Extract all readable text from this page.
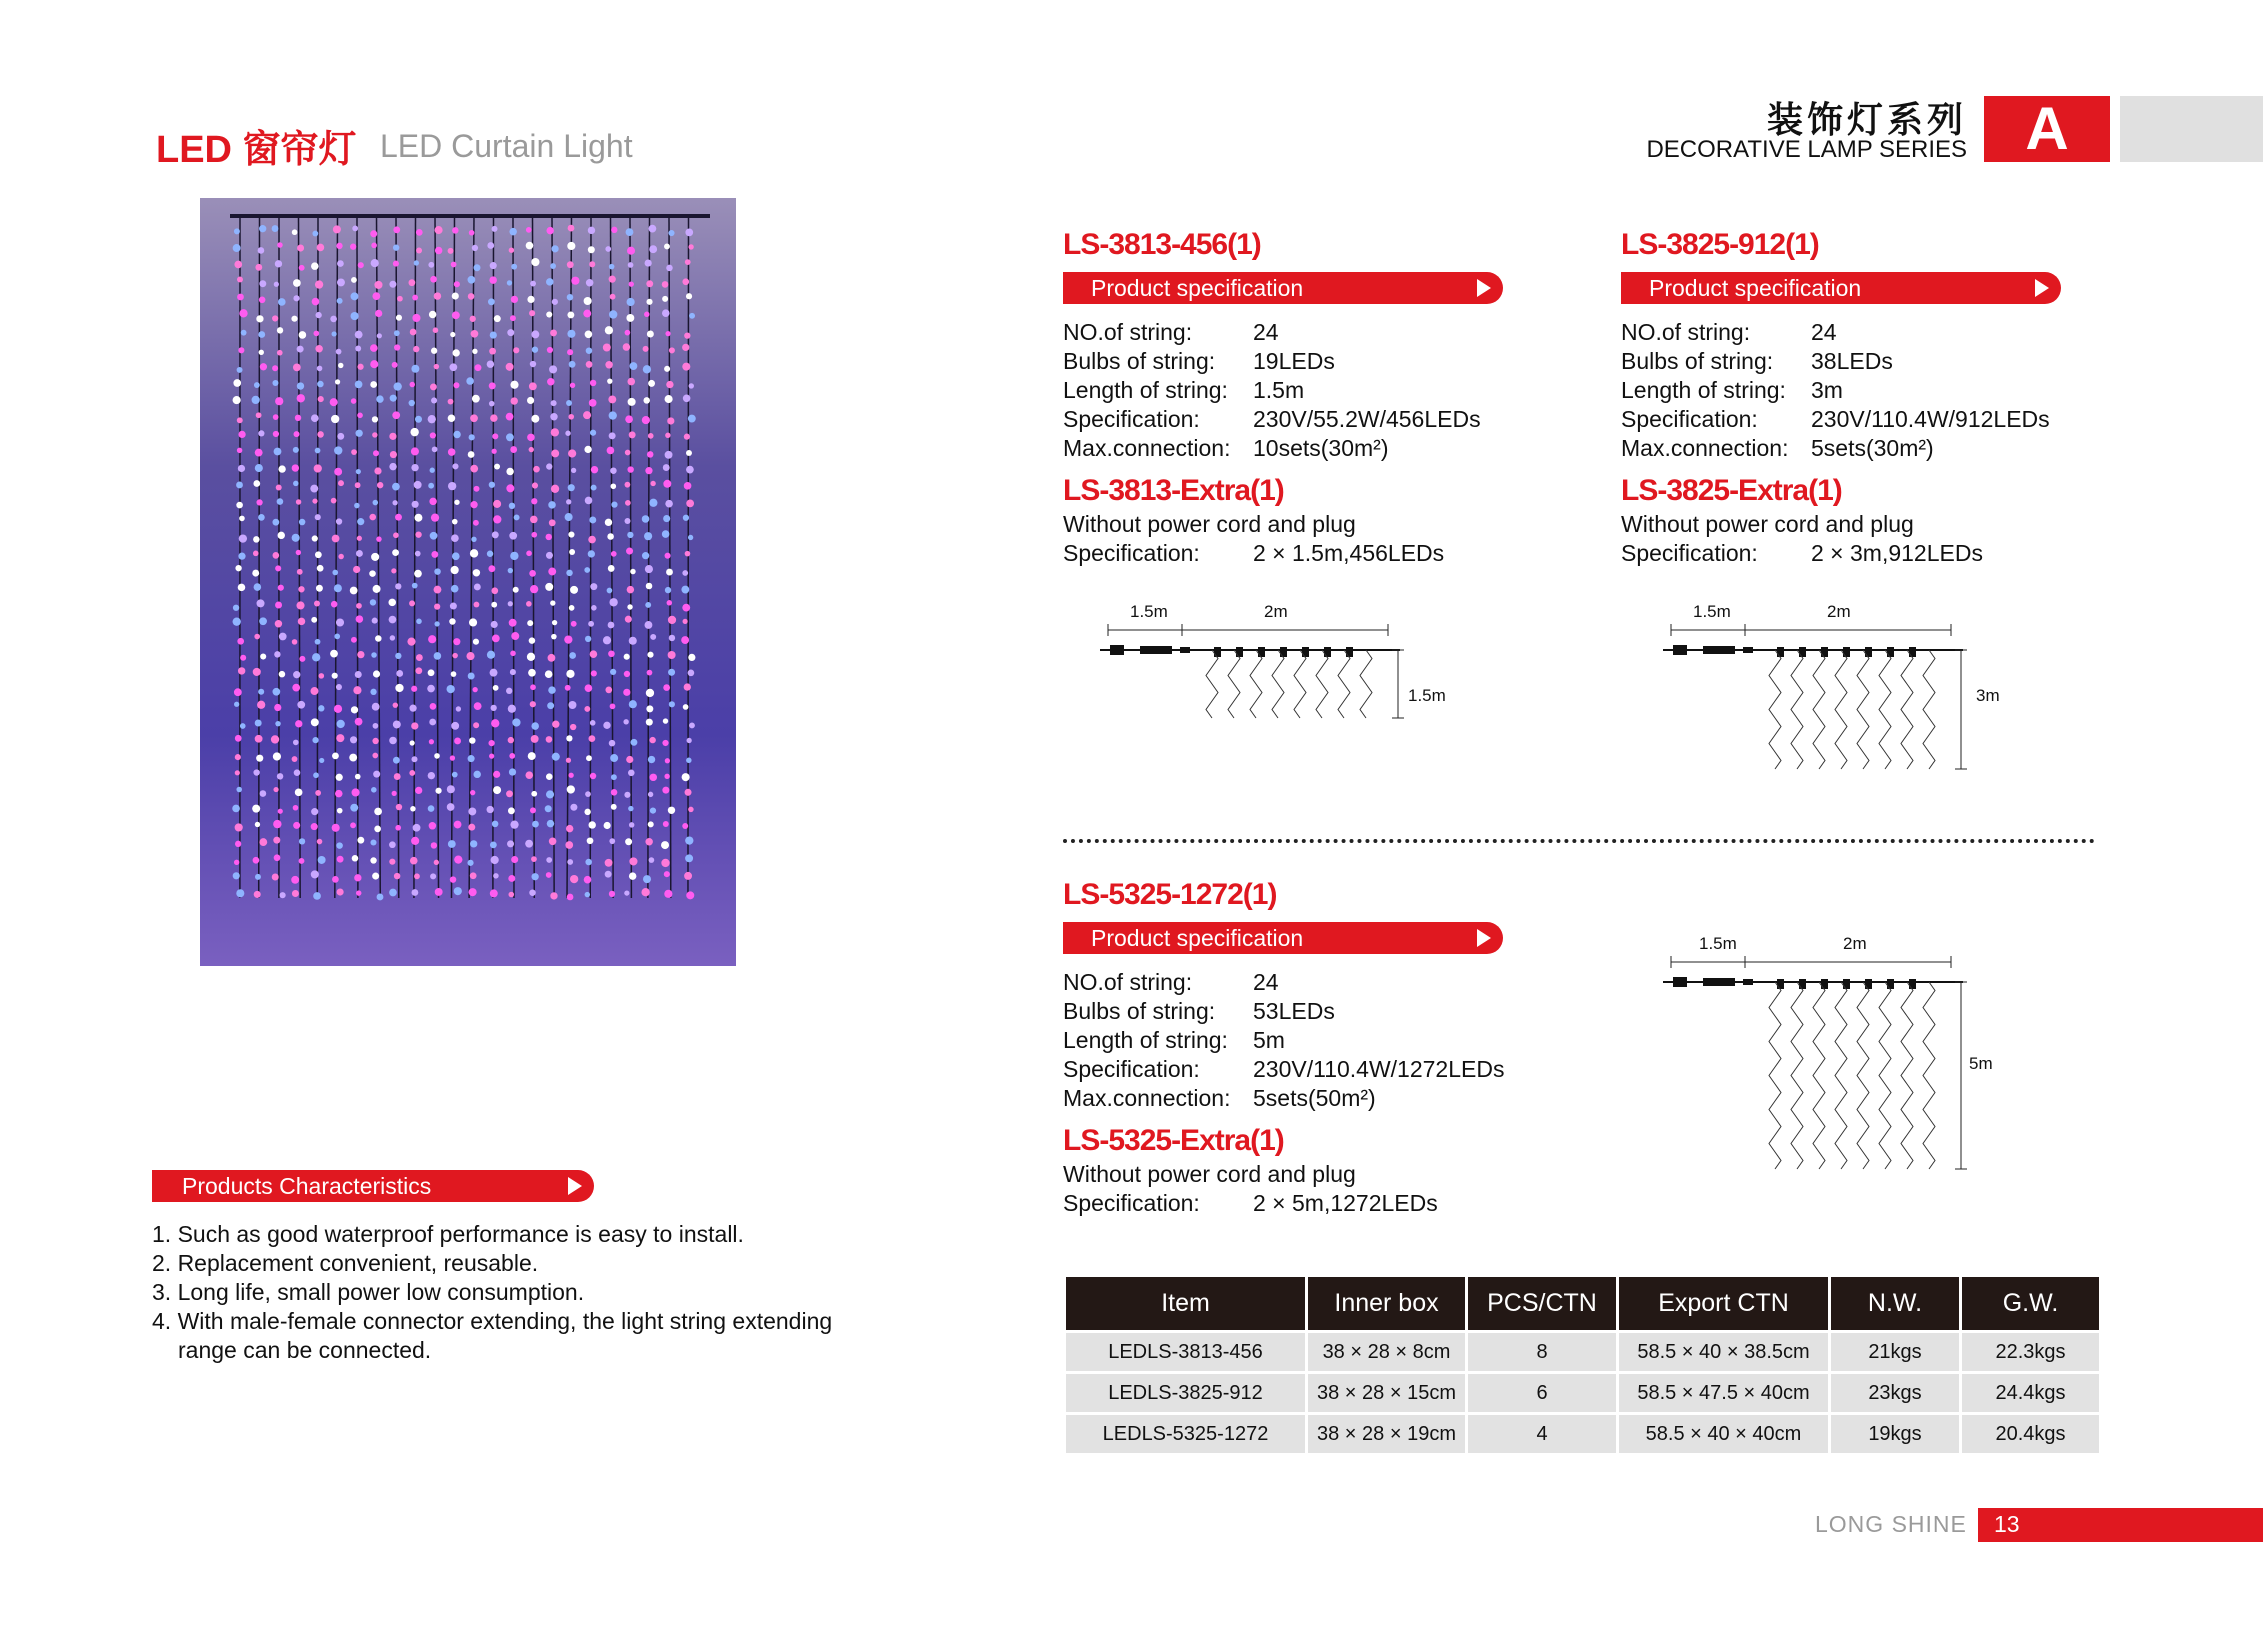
LED 窗帘灯 LED Curtain Light
装饰灯系列
DECORATIVE LAMP SERIES A
LS-3813-456(1)
Product specification
NO.of string:	24
Bulbs of string: 19LEDs
Length of string: 1.5m
Specification: 230V/55.2W/456LEDs
Max.connection: 10sets(30m²)
LS-3813-Extra(1)
Without power cord and plug
Specification: 2 × 1.5m,456LEDs
1.5m	2m
1.5m
LS-3825-912(1)
Product specification
NO.of string:	24
Bulbs of string: 38LEDs
Length of string: 3m
Specification: 230V/110.4W/912LEDs
Max.connection: 5sets(30m²)
LS-3825-Extra(1)
Without power cord and plug
Specification: 2 × 3m,912LEDs
1.5m	2m
3m
LS-5325-1272(1)
Product specification
NO.of string:	24
Bulbs of string: 53LEDs
Length of string: 5m
Specification: 230V/110.4W/1272LEDs
Max.connection: 5sets(50m²)
LS-5325-Extra(1)
Without power cord and plug
Specification: 2 × 5m,1272LEDs
1.5m	2m
5m
Products Characteristics
1. Such as good waterproof performance is easy to install.
2. Replacement convenient, reusable.
3. Long life, small power low consumption.
4. With male-female connector extending, the light string extending
range can be connected.
Item	Inner box	PCS/CTN	Export CTN	N.W.	G.W.
LEDLS-3813-456	38 × 28 × 8cm	8	58.5 × 40 × 38.5cm	21kgs	22.3kgs
LEDLS-3825-912	38 × 28 × 15cm	6	58.5 × 47.5 × 40cm	23kgs	24.4kgs
LEDLS-5325-1272	38 × 28 × 19cm	4	58.5 × 40 × 40cm	19kgs	20.4kgs
LONG SHINE 13
